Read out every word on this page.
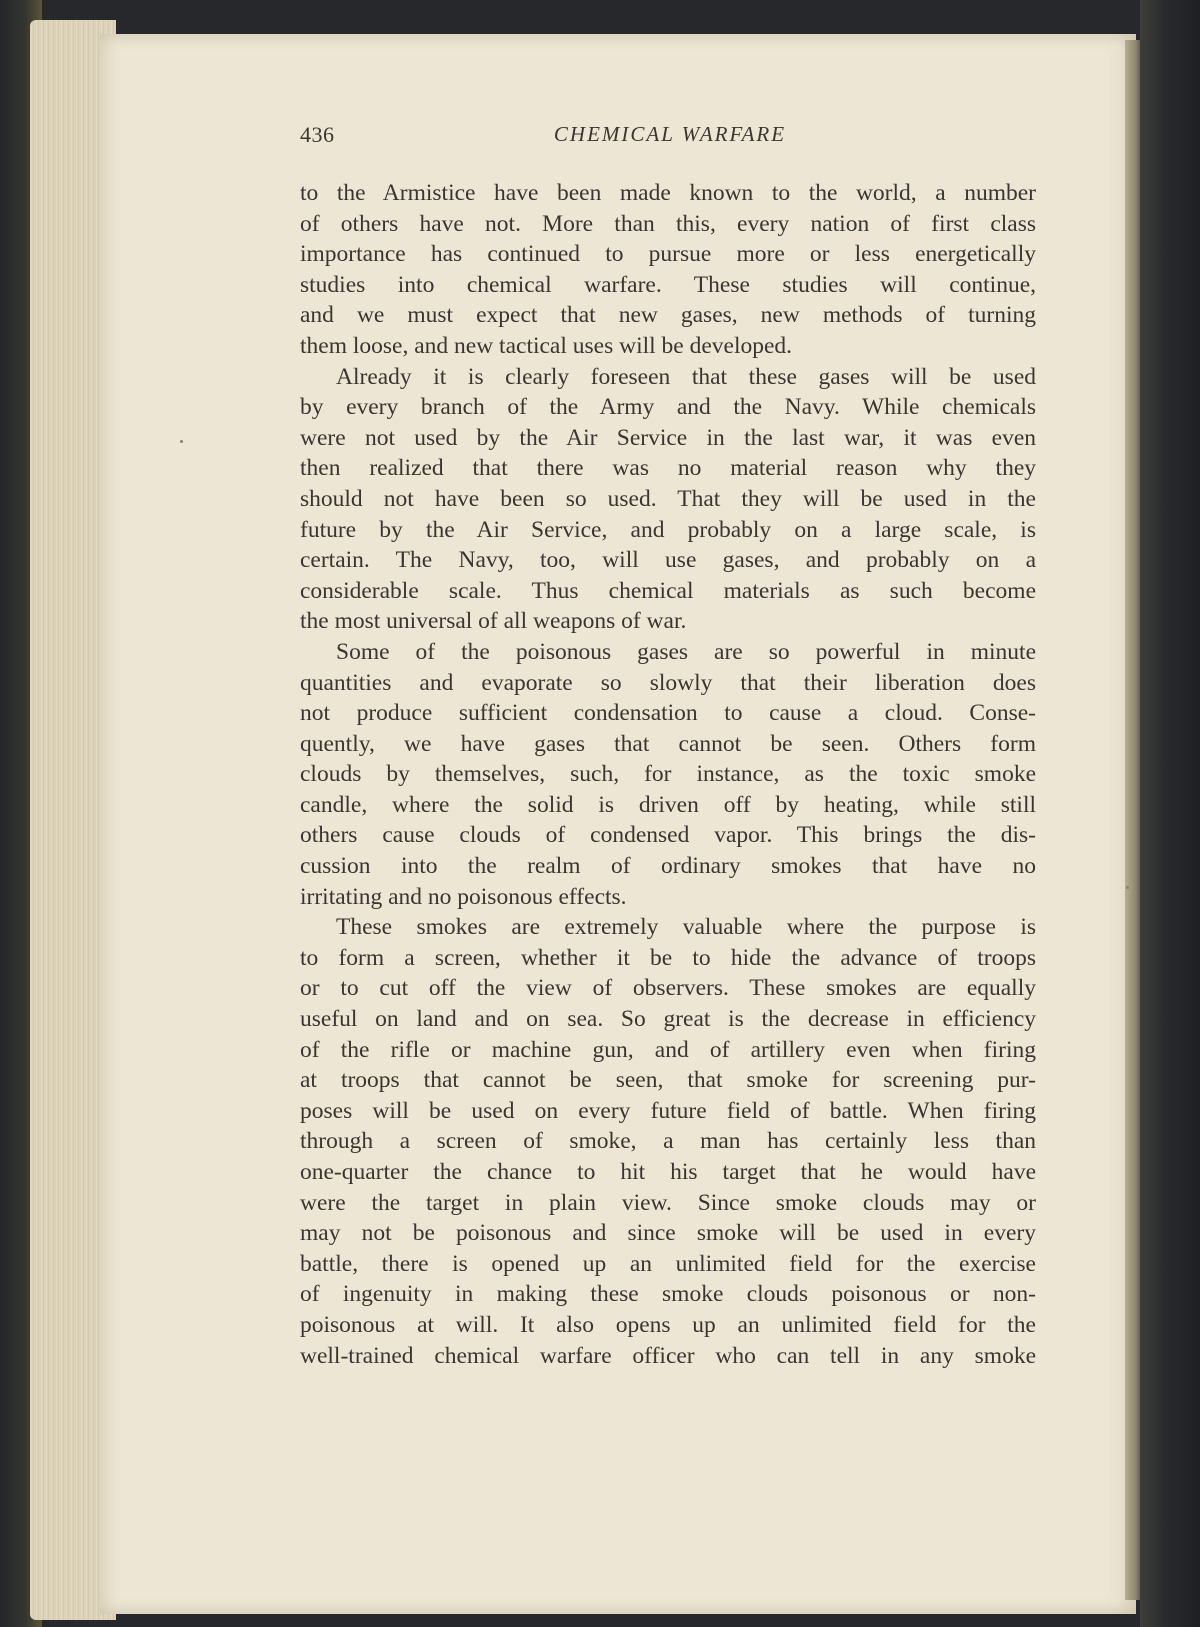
436	CHEMICAL WARFARE
to the Armistice have been made known to the world, a number
of others have not. More than this, every nation of first class
importance has continued to pursue more or less energetically
studies into chemical warfare. These studies will continue,
and we must expect that new gases, new methods of turning
them loose, and new tactical uses will be developed.
Already it is clearly foreseen that these gases will be used
by every branch of the Army and the Navy. While chemicals
were not used by the Air Service in the last war, it was even
then realized that there was no material reason why they
should not have been so used. That they will be used in the
future by the Air Service, and probably on a large scale, is
certain. The Navy, too, will use gases, and probably on a
considerable scale. Thus chemical materials as such become
the most universal of all weapons of war.
Some of the poisonous gases are so powerful in minute
quantities and evaporate so slowly that their liberation does
not produce sufficient condensation to cause a cloud. Conse-
quently, we have gases that cannot be seen. Others form
clouds by themselves, such, for instance, as the toxic smoke
candle, where the solid is driven off by heating, while still
others cause clouds of condensed vapor. This brings the dis-
cussion into the realm of ordinary smokes that have no
irritating and no poisonous effects.
These smokes are extremely valuable where the purpose is
to form a screen, whether it be to hide the advance of troops
or to cut off the view of observers. These smokes are equally
useful on land and on sea. So great is the decrease in efficiency
of the rifle or machine gun, and of artillery even when firing
at troops that cannot be seen, that smoke for screening pur-
poses will be used on every future field of battle. When firing
through a screen of smoke, a man has certainly less than
one-quarter the chance to hit his target that he would have
were the target in plain view. Since smoke clouds may or
may not be poisonous and since smoke will be used in every
battle, there is opened up an unlimited field for the exercise
of ingenuity in making these smoke clouds poisonous or non-
poisonous at will. It also opens up an unlimited field for the
well-trained chemical warfare officer who can tell in any smoke
